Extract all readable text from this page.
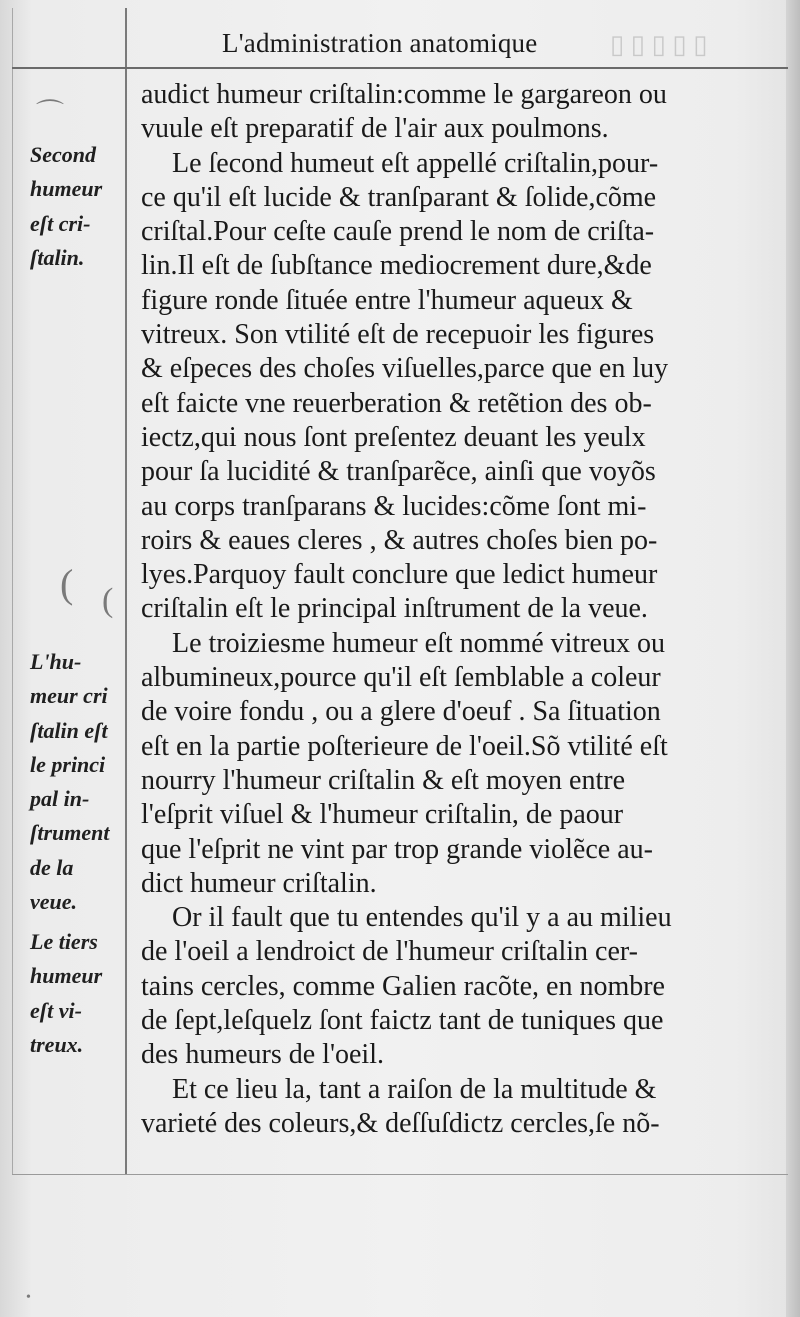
▯ ▯ ▯ ▯ ▯
⌒
( (
L'administration anatomique
audict humeur criſtalin:comme le gargareon ou
vuule eſt preparatif de l'air aux poulmons.
Le ſecond humeut eſt appellé criſtalin,pour-
ce qu'il eſt lucide & tranſparant & ſolide,cõme
criſtal.Pour ceſte cauſe prend le nom de criſta-
lin.Il eſt de ſubſtance mediocrement dure,&de
figure ronde ſituée entre l'humeur aqueux &
vitreux. Son vtilité eſt de recepuoir les figures
& eſpeces des choſes viſuelles,parce que en luy
eſt faicte vne reuerberation & retẽtion des ob-
iectz,qui nous ſont preſentez deuant les yeulx
pour ſa lucidité & tranſparẽce, ainſi que voyõs
au corps tranſparans & lucides:cõme ſont mi-
roirs & eaues cleres , & autres choſes bien po-
lyes.Parquoy fault conclure que ledict humeur
criſtalin eſt le principal inſtrument de la veue.
Le troiziesme humeur eſt nommé vitreux ou
albumineux,pource qu'il eſt ſemblable a coleur
de voire fondu , ou a glere d'oeuf . Sa ſituation
eſt en la partie poſterieure de l'oeil.Sõ vtilité eſt
nourry l'humeur criſtalin & eſt moyen entre
l'eſprit viſuel & l'humeur criſtalin, de paour
que l'eſprit ne vint par trop grande violẽce au-
dict humeur criſtalin.
Or il fault que tu entendes qu'il y a au milieu
de l'oeil a lendroict de l'humeur criſtalin cer-
tains cercles, comme Galien racõte, en nombre
de ſept,leſquelz ſont faictz tant de tuniques que
des humeurs de l'oeil.
Et ce lieu la, tant a raiſon de la multitude &
varieté des coleurs,& deſſuſdictz cercles,ſe nõ-
Second
humeur
eſt cri-
ſtalin.
L'hu-
meur cri
ſtalin eſt
le princi
pal in-
ſtrument
de la
veue.
Le tiers
humeur
eſt vi-
treux.
•
